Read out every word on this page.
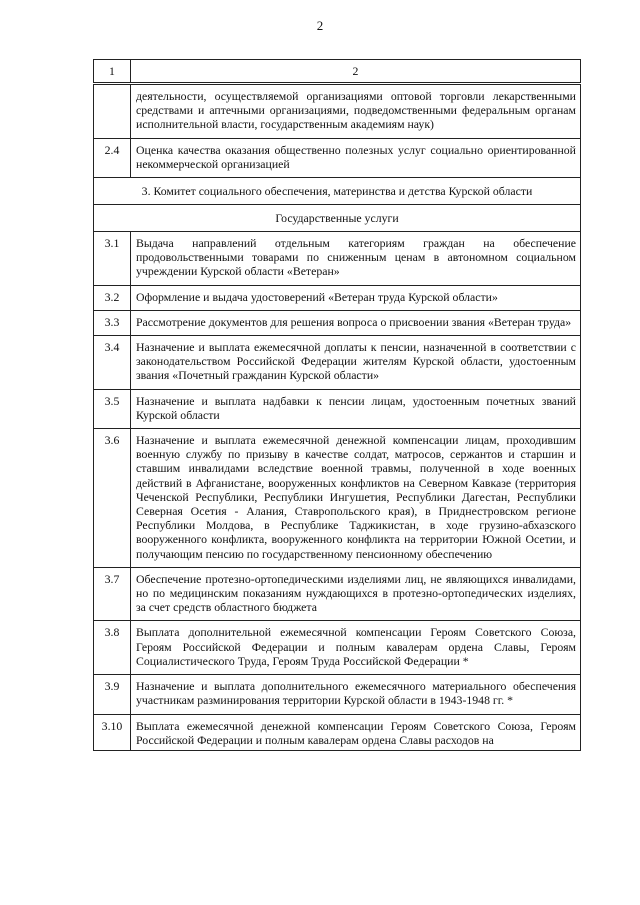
2
1	2
	деятельности, осуществляемой организациями оптовой торговли лекарственными средствами и аптечными организациями, подведомственными федеральным органам исполнительной власти, государственным академиям наук)
2.4	Оценка качества оказания общественно полезных услуг социально ориентированной некоммерческой организацией
3. Комитет социального обеспечения, материнства и детства Курской области	
Государственные услуги	
3.1	Выдача направлений отдельным категориям граждан на обеспечение продовольственными товарами по сниженным ценам в автономном социальном учреждении Курской области «Ветеран»
3.2	Оформление и выдача удостоверений «Ветеран труда Курской области»
3.3	Рассмотрение документов для решения вопроса о присвоении звания «Ветеран труда»
3.4	Назначение и выплата ежемесячной доплаты к пенсии, назначенной в соответствии с законодательством Российской Федерации жителям Курской области, удостоенным звания «Почетный гражданин Курской области»
3.5	Назначение и выплата надбавки к пенсии лицам, удостоенным почетных званий Курской области
3.6	Назначение и выплата ежемесячной денежной компенсации лицам, проходившим военную службу по призыву в качестве солдат, матросов, сержантов и старшин и ставшим инвалидами вследствие военной травмы, полученной в ходе военных действий в Афганистане, вооруженных конфликтов на Северном Кавказе (территория Чеченской Республики, Республики Ингушетия, Республики Дагестан, Республики Северная Осетия - Алания, Ставропольского края), в Приднестровском регионе Республики Молдова, в Республике Таджикистан, в ходе грузино-абхазского вооруженного конфликта, вооруженного конфликта на территории Южной Осетии, и получающим пенсию по государственному пенсионному обеспечению
3.7	Обеспечение протезно-ортопедическими изделиями лиц, не являющихся инвалидами, но по медицинским показаниям нуждающихся в протезно-ортопедических изделиях, за счет средств областного бюджета
3.8	Выплата дополнительной ежемесячной компенсации Героям Советского Союза, Героям Российской Федерации и полным кавалерам ордена Славы, Героям Социалистического Труда, Героям Труда Российской Федерации *
3.9	Назначение и выплата дополнительного ежемесячного материального обеспечения участникам разминирования территории Курской области в 1943-1948 гг. *
3.10	Выплата ежемесячной денежной компенсации Героям Советского Союза, Героям Российской Федерации и полным кавалерам ордена Славы расходов на
